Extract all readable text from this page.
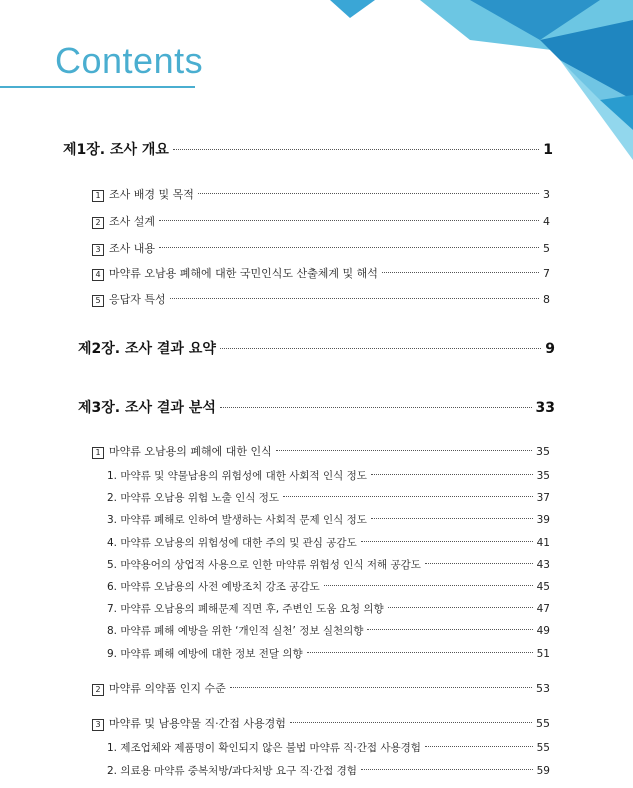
Contents
제1장. 조사 개요	1
1 조사 배경 및 목적	3
2 조사 설계	4
3 조사 내용	5
4 마약류 오남용 폐해에 대한 국민인식도 산출체계 및 해석	7
5 응답자 특성	8
제2장. 조사 결과 요약	9
제3장. 조사 결과 분석	33
1 마약류 오남용의 폐해에 대한 인식	35
1. 마약류 및 약물남용의 위험성에 대한 사회적 인식 정도	35
2. 마약류 오남용 위험 노출 인식 정도	37
3. 마약류 폐해로 인하여 발생하는 사회적 문제 인식 정도	39
4. 마약류 오남용의 위험성에 대한 주의 및 관심 공감도	41
5. 마약용어의 상업적 사용으로 인한 마약류 위험성 인식 저해 공감도	43
6. 마약류 오남용의 사전 예방조치 강조 공감도	45
7. 마약류 오남용의 폐해문제 직면 후, 주변인 도움 요청 의향	47
8. 마약류 폐해 예방을 위한 ‘개인적 실천’ 정보 실천의향	49
9. 마약류 폐해 예방에 대한 정보 전달 의향	51
2 마약류 의약품 인지 수준	53
3 마약류 및 남용약물 직·간접 사용경험	55
1. 제조업체와 제품명이 확인되지 않은 불법 마약류 직·간접 사용경험	55
2. 의료용 마약류 중복처방/과다처방 요구 직·간접 경험	59
